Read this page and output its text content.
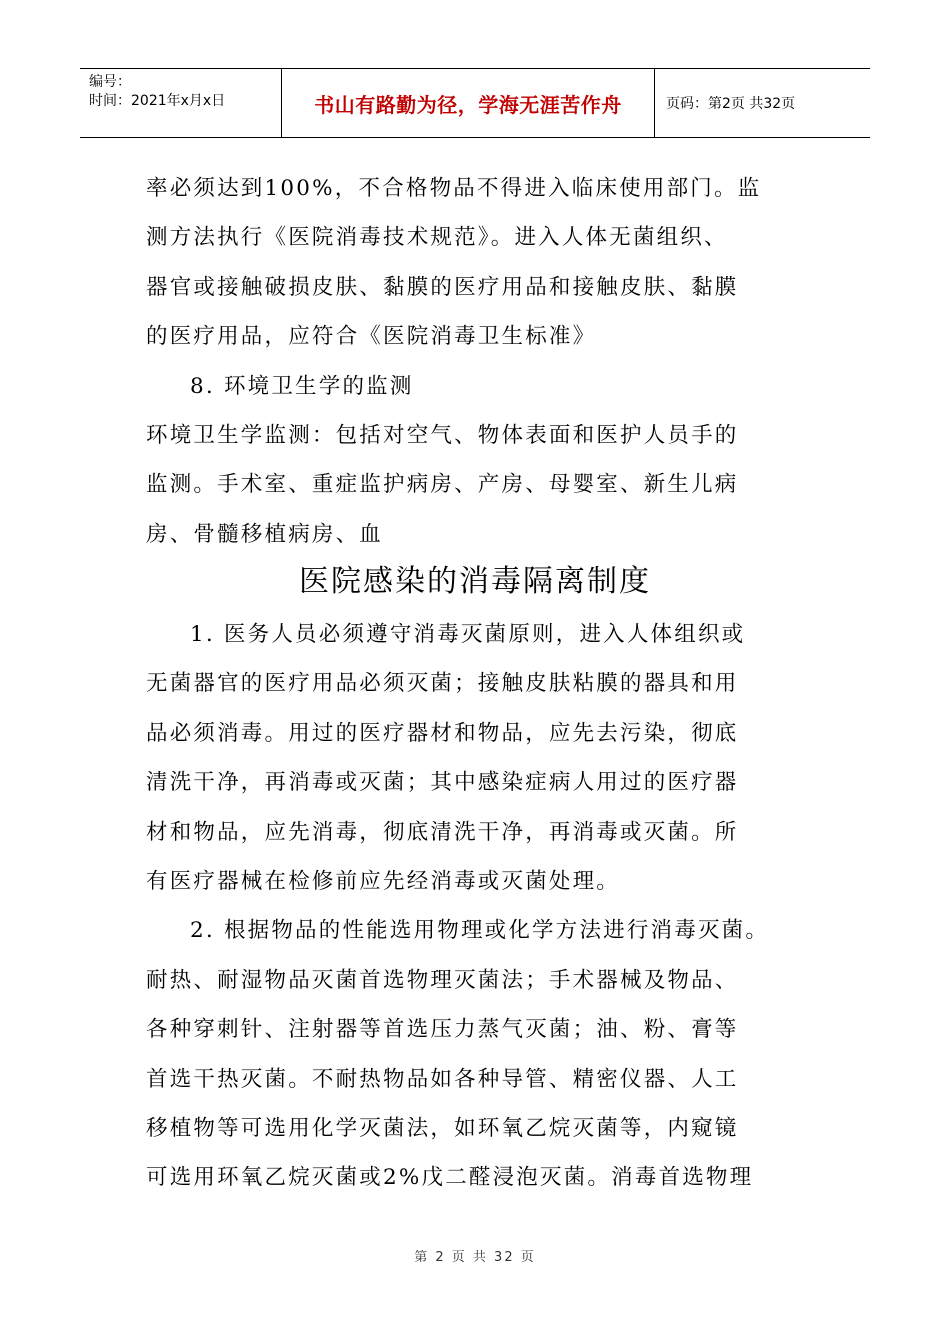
编号：
时间：2021年x月x日	书山有路勤为径，学海无涯苦作舟	页码：第2页 共32页
率必须达到100%，不合格物品不得进入临床使用部门。监
测方法执行《医院消毒技术规范》。进入人体无菌组织、
器官或接触破损皮肤、黏膜的医疗用品和接触皮肤、黏膜
的医疗用品，应符合《医院消毒卫生标准》
8. 环境卫生学的监测
环境卫生学监测：包括对空气、物体表面和医护人员手的
监测。手术室、重症监护病房、产房、母婴室、新生儿病
房、骨髓移植病房、血
医院感染的消毒隔离制度
1. 医务人员必须遵守消毒灭菌原则，进入人体组织或
无菌器官的医疗用品必须灭菌；接触皮肤粘膜的器具和用
品必须消毒。用过的医疗器材和物品，应先去污染，彻底
清洗干净，再消毒或灭菌；其中感染症病人用过的医疗器
材和物品，应先消毒，彻底清洗干净，再消毒或灭菌。所
有医疗器械在检修前应先经消毒或灭菌处理。
2. 根据物品的性能选用物理或化学方法进行消毒灭菌。
耐热、耐湿物品灭菌首选物理灭菌法；手术器械及物品、
各种穿刺针、注射器等首选压力蒸气灭菌；油、粉、膏等
首选干热灭菌。不耐热物品如各种导管、精密仪器、人工
移植物等可选用化学灭菌法，如环氧乙烷灭菌等，内窥镜
可选用环氧乙烷灭菌或2%戊二醛浸泡灭菌。消毒首选物理
第 2 页 共 32 页
